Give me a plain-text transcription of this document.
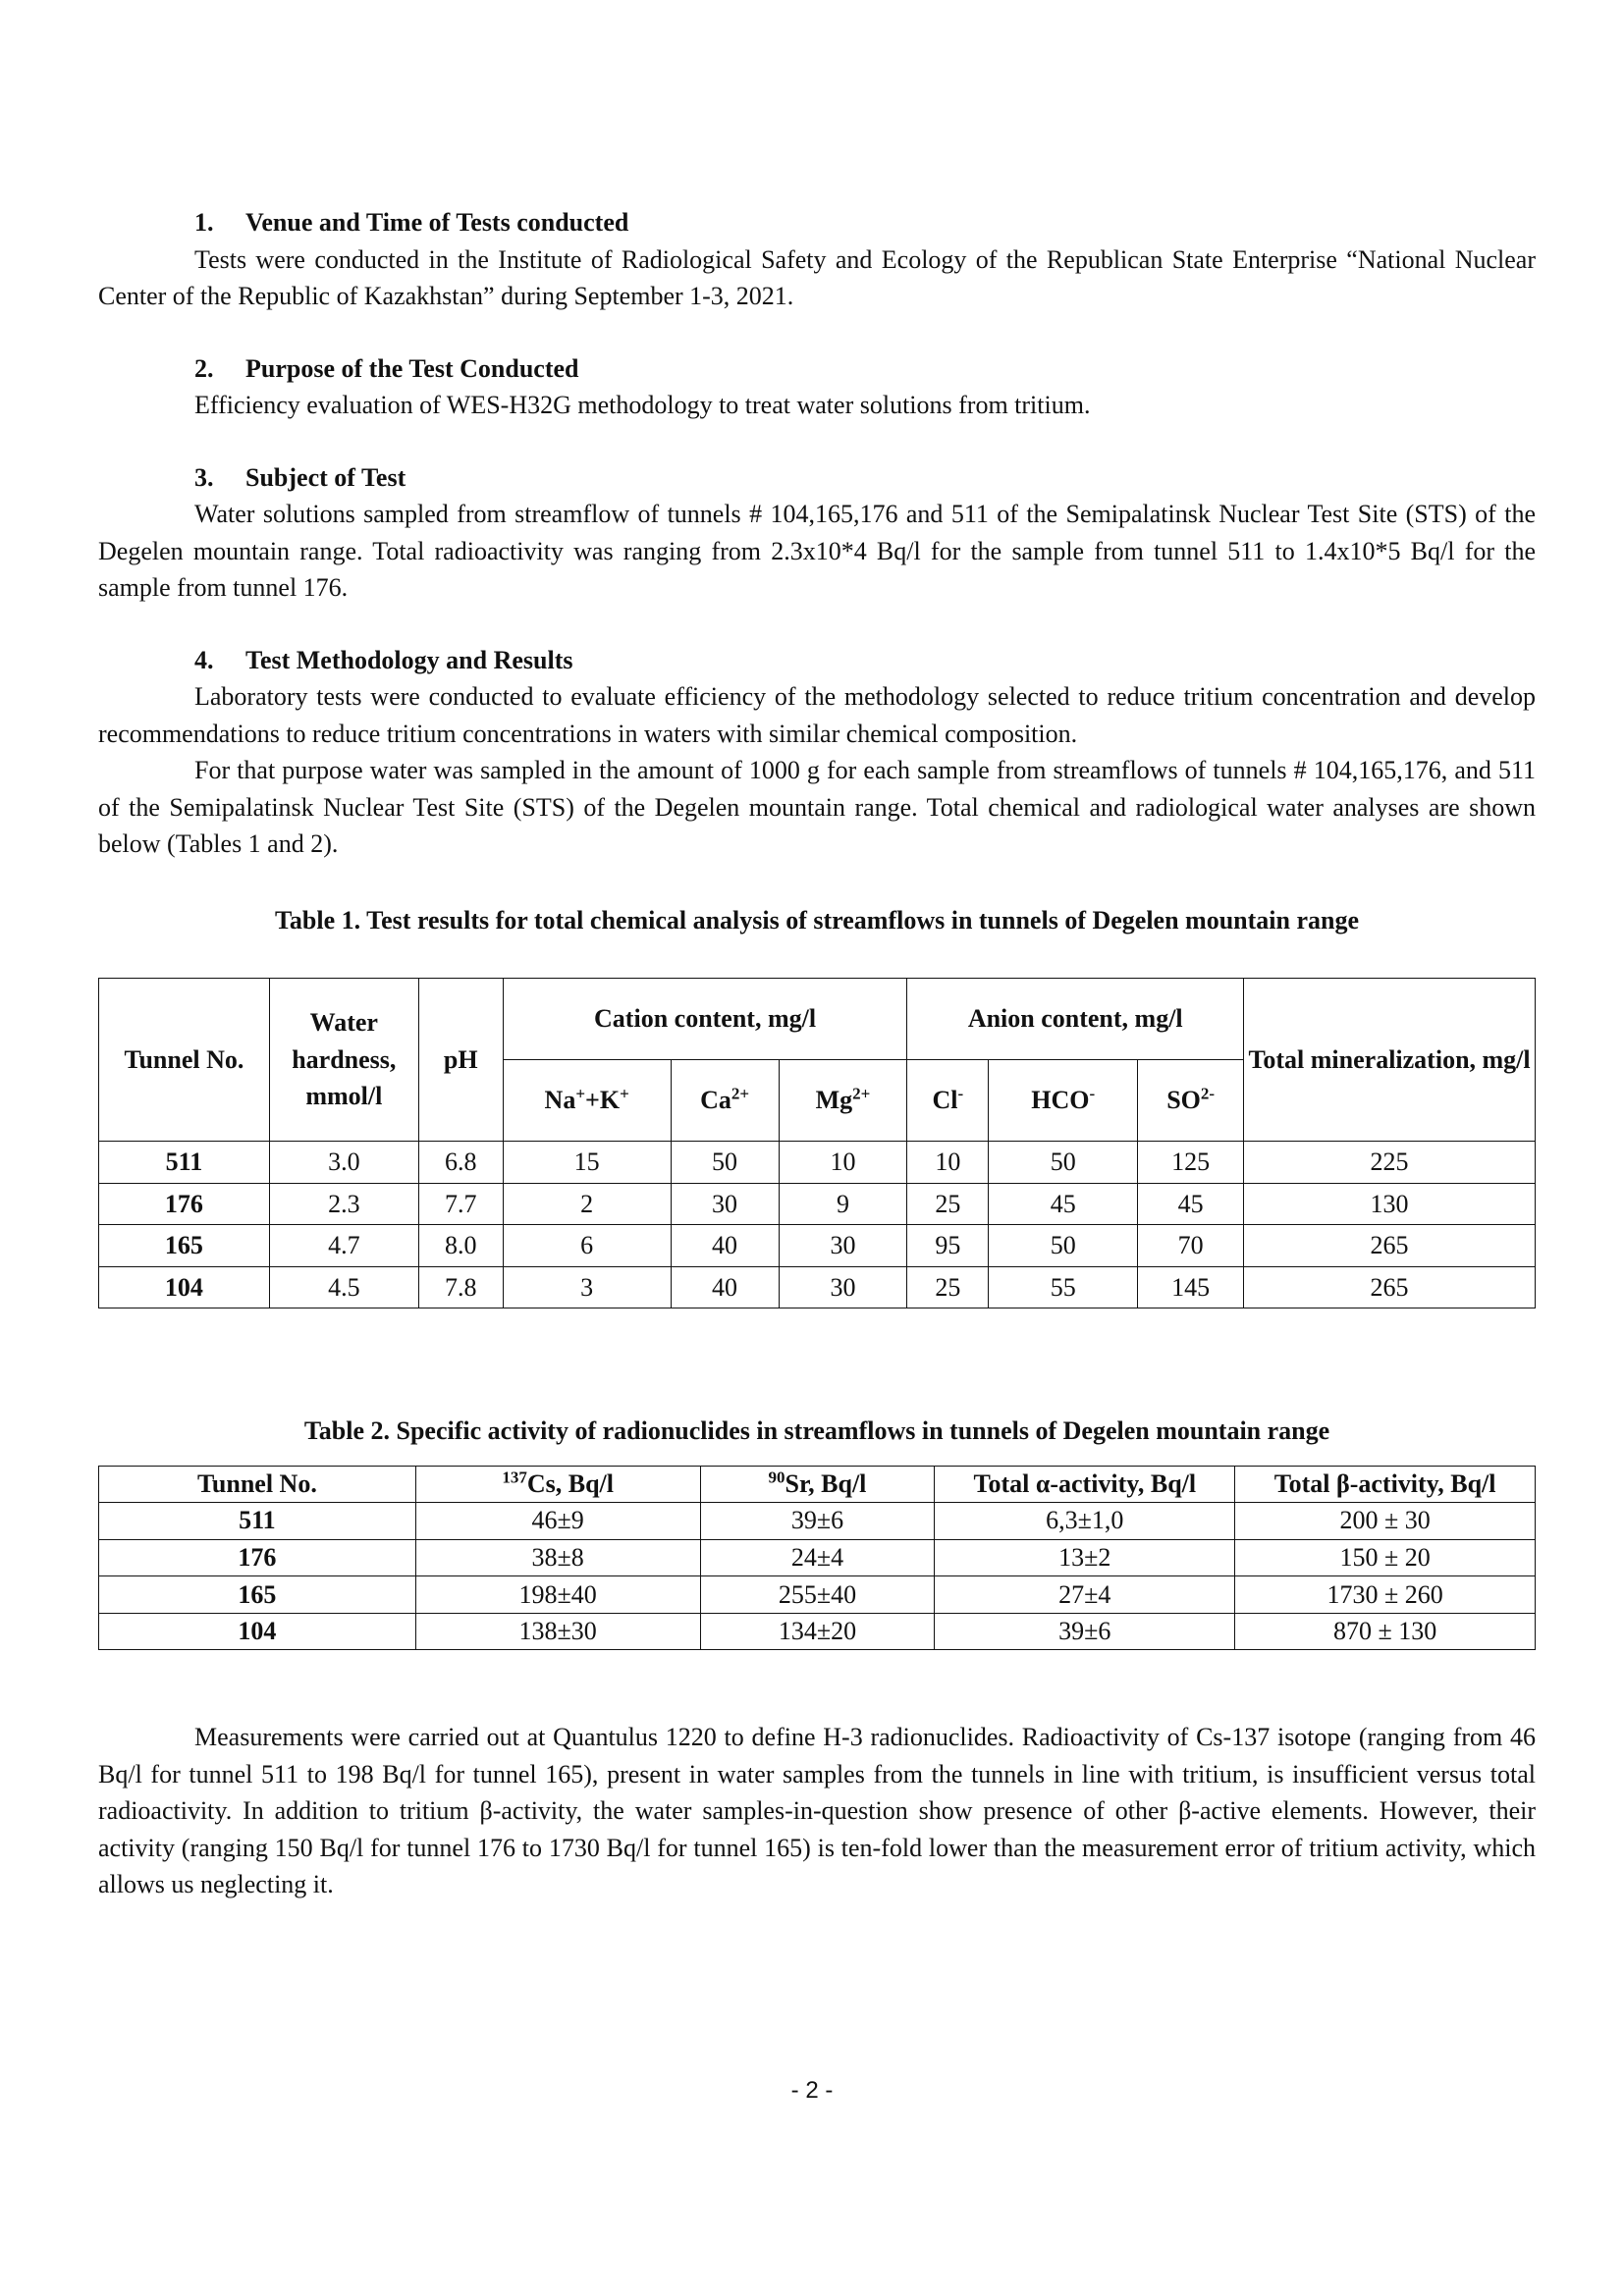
1. Venue and Time of Tests conducted

Tests were conducted in the Institute of Radiological Safety and Ecology of the Republican State Enterprise “National Nuclear Center of the Republic of Kazakhstan” during September 1-3, 2021.

2. Purpose of the Test Conducted

Efficiency evaluation of WES-H32G methodology to treat water solutions from tritium.

3. Subject of Test

Water solutions sampled from streamflow of tunnels # 104,165,176 and 511 of the Semipalatinsk Nuclear Test Site (STS) of the Degelen mountain range. Total radioactivity was ranging from 2.3x10*4 Bq/l for the sample from tunnel 511 to 1.4x10*5 Bq/l for the sample from tunnel 176.

4. Test Methodology and Results

Laboratory tests were conducted to evaluate efficiency of the methodology selected to reduce tritium concentration and develop recommendations to reduce tritium concentrations in waters with similar chemical composition.

For that purpose water was sampled in the amount of 1000 g for each sample from streamflows of tunnels # 104,165,176, and 511 of the Semipalatinsk Nuclear Test Site (STS) of the Degelen mountain range. Total chemical and radiological water analyses are shown below (Tables 1 and 2).

Table 1. Test results for total chemical analysis of streamflows in tunnels of Degelen mountain range
Tunnel No.	Water hardness, mmol/l	pH	Cation content, mg/l			Anion content, mg/l			Total mineralization, mg/l
			Na++K+	$Ca^{2+}$	$Mg^{2+}$	Cl-	HCO-	$SO^{2-}$
511	3.0	6.8	15	50	10	10	50	125	225
176	2.3	7.7	2	30	9	25	45	45	130
165	4.7	8.0	6	40	30	95	50	70	265
104	4.5	7.8	3	40	30	25	55	145	265
Table 2. Specific activity of radionuclides in streamflows in tunnels of Degelen mountain range
Tunnel No.	$^{137}$Cs, Bq/l	$^{90}$Sr, Bq/l	Total α-activity, Bq/l	Total β-activity, Bq/l
511	46±9	39±6	6,3±1,0	200 ± 30
176	38±8	24±4	13±2	150 ± 20
165	198±40	255±40	27±4	1730 ± 260
104	138±30	134±20	39±6	870 ± 130

Measurements were carried out at Quantulus 1220 to define H-3 radionuclides. Radioactivity of Cs-137 isotope (ranging from 46 Bq/l for tunnel 511 to 198 Bq/l for tunnel 165), present in water samples from the tunnels in line with tritium, is insufficient versus total radioactivity. In addition to tritium β-activity, the water samples-in-question show presence of other β-active elements. However, their activity (ranging 150 Bq/l for tunnel 176 to 1730 Bq/l for tunnel 165) is ten-fold lower than the measurement error of tritium activity, which allows us neglecting it.

- 2 -
